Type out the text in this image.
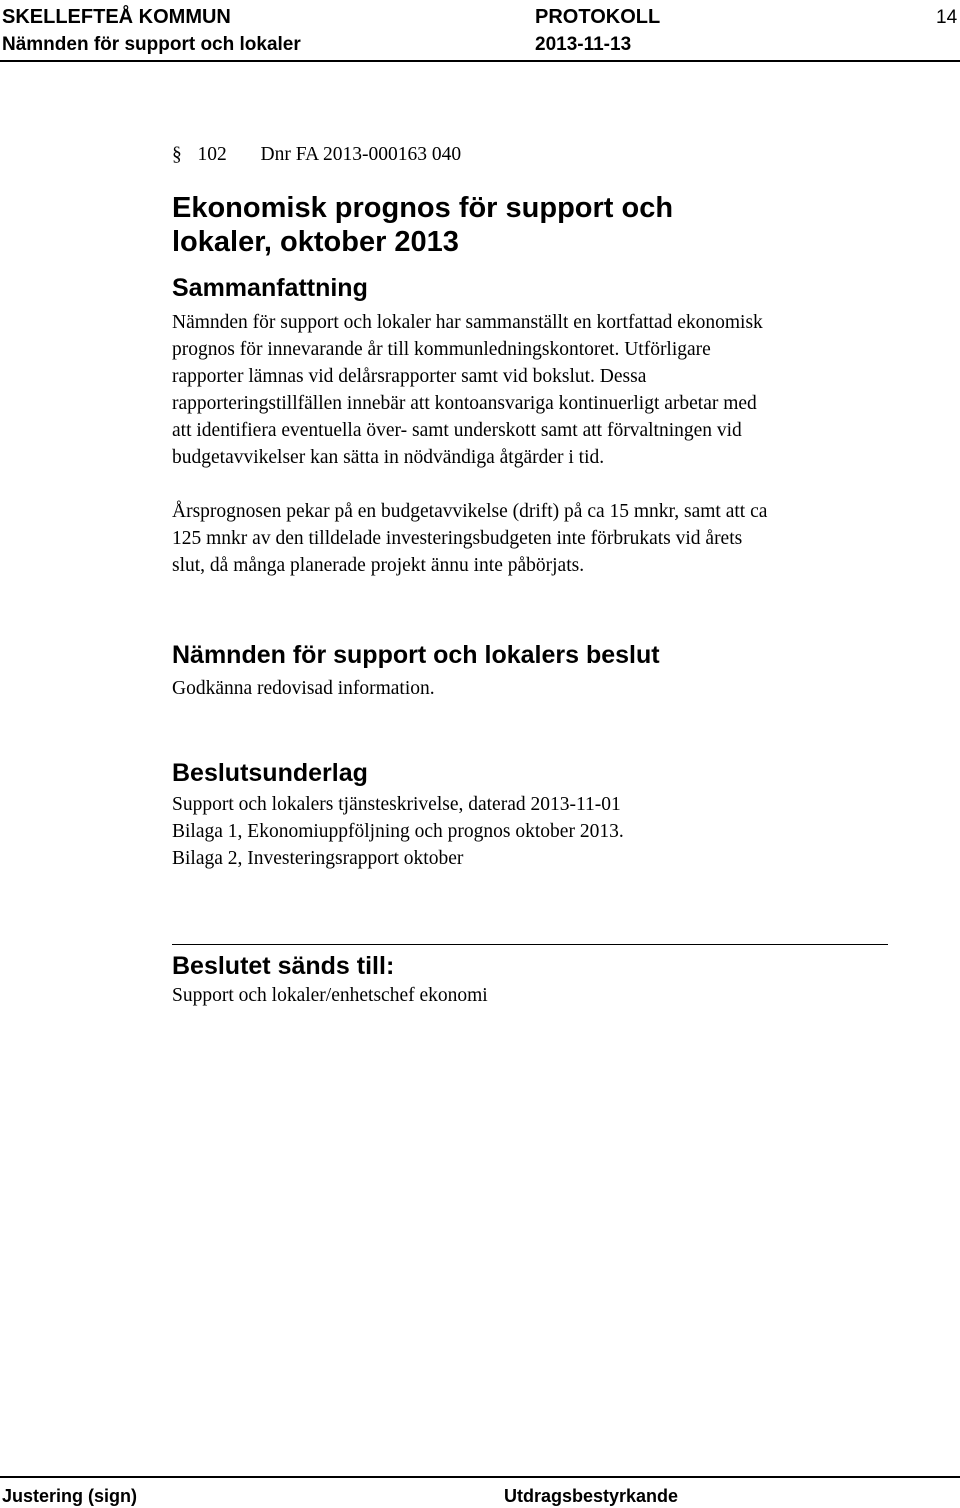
SKELLEFTEÅ KOMMUN	PROTOKOLL	14
Nämnden för support och lokaler	2013-11-13
§ 102 Dnr FA 2013-000163 040
Ekonomisk prognos för support och
lokaler, oktober 2013
Sammanfattning
Nämnden för support och lokaler har sammanställt en kortfattad ekonomisk
prognos för innevarande år till kommunledningskontoret. Utförligare
rapporter lämnas vid delårsrapporter samt vid bokslut. Dessa
rapporteringstillfällen innebär att kontoansvariga kontinuerligt arbetar med
att identifiera eventuella över- samt underskott samt att förvaltningen vid
budgetavvikelser kan sätta in nödvändiga åtgärder i tid.
Årsprognosen pekar på en budgetavvikelse (drift) på ca 15 mnkr, samt att ca
125 mnkr av den tilldelade investeringsbudgeten inte förbrukats vid årets
slut, då många planerade projekt ännu inte påbörjats.
Nämnden för support och lokalers beslut
Godkänna redovisad information.
Beslutsunderlag
Support och lokalers tjänsteskrivelse, daterad 2013-11-01
Bilaga 1, Ekonomiuppföljning och prognos oktober 2013.
Bilaga 2, Investeringsrapport oktober
Beslutet sänds till:
Support och lokaler/enhetschef ekonomi
Justering (sign)	Utdragsbestyrkande
